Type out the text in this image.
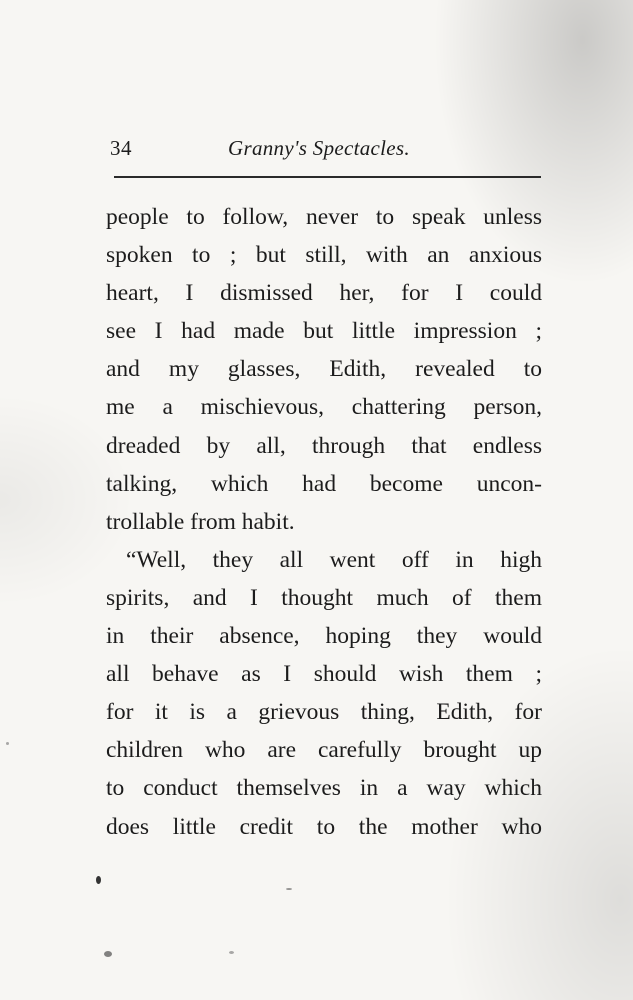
34	Granny's Spectacles.
people to follow, never to speak unless
spoken to ; but still, with an anxious
heart, I dismissed her, for I could
see I had made but little impression ;
and my glasses, Edith, revealed to
me a mischievous, chattering person,
dreaded by all, through that endless
talking, which had become uncon-
trollable from habit.
“Well, they all went off in high
spirits, and I thought much of them
in their absence, hoping they would
all behave as I should wish them ;
for it is a grievous thing, Edith, for
children who are carefully brought up
to conduct themselves in a way which
does little credit to the mother who
